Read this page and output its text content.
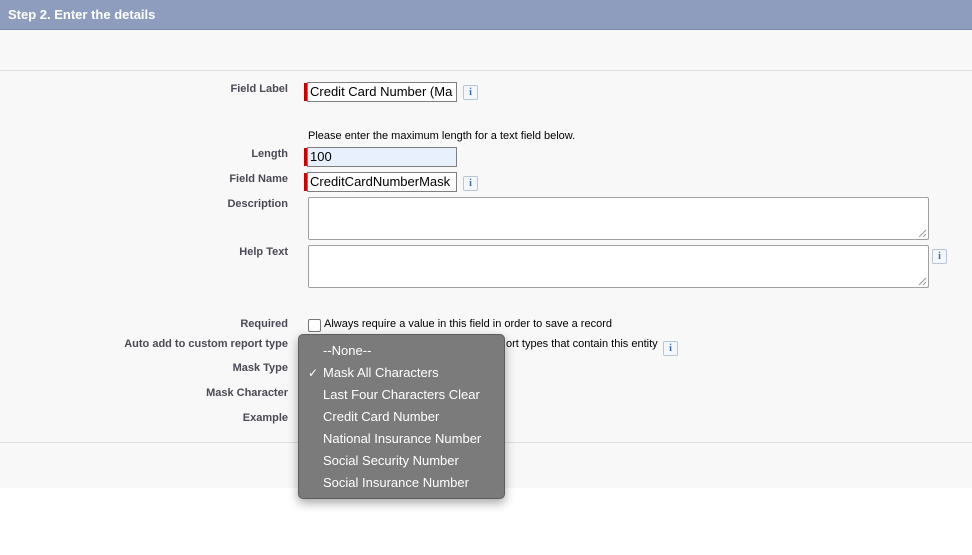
Step 2. Enter the details
Field Label Credit Card Number (Ma	i
Please enter the maximum length for a text field below.
Length 100
Field Name CreditCardNumberMask	i
Description
Help Text	i
Required	Always require a value in this field in order to save a record
Auto add to custom report type	ort types that contain this entity	i
Mask Type
Mask Character
Example
--None--
✓ Mask All Characters
Last Four Characters Clear
Credit Card Number
National Insurance Number
Social Security Number
Social Insurance Number
